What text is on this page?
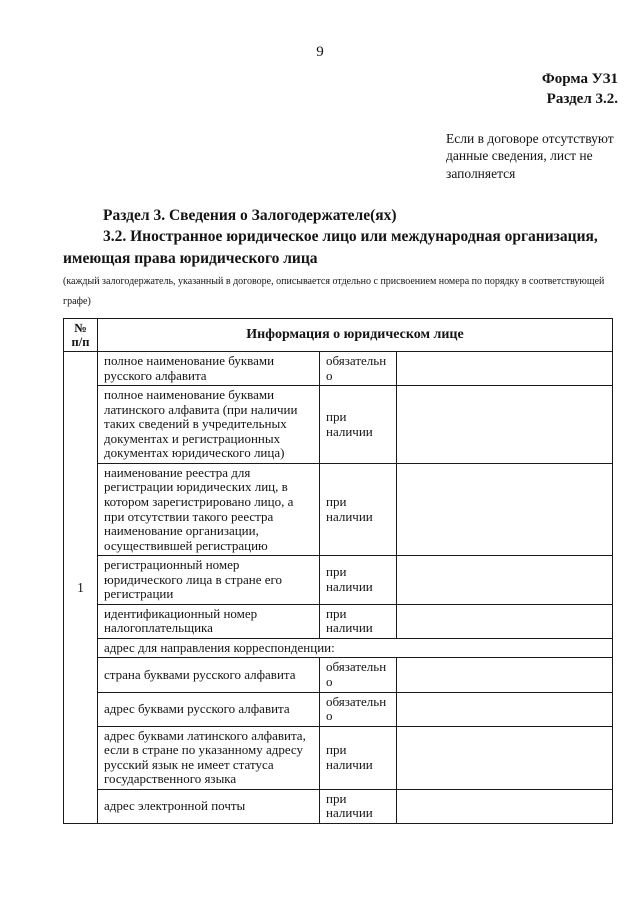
9
Форма УЗ1
Раздел 3.2.
Если в договоре отсутствуют данные сведения, лист не заполняется

Раздел 3. Сведения о Залогодержателе(ях)

3.2. Иностранное юридическое лицо или международная организация, имеющая права юридического лица

(каждый залогодержатель, указанный в договоре, описывается отдельно с присвоением номера по порядку в соответствующей графе)
№ п/п	Информация о юридическом лице		
1	полное наименование буквами русского алфавита	обязательно	
	полное наименование буквами латинского алфавита (при наличии таких сведений в учредительных документах и регистрационных документах юридического лица)	при наличии	
	наименование реестра для регистрации юридических лиц, в котором зарегистрировано лицо, а при отсутствии такого реестра наименование организации, осуществившей регистрацию	при наличии	
	регистрационный номер юридического лица в стране его регистрации	при наличии	
	идентификационный номер налогоплательщика	при наличии	
	адрес для направления корреспонденции:		
	страна буквами русского алфавита	обязательно	
	адрес буквами русского алфавита	обязательно	
	адрес буквами латинского алфавита, если в стране по указанному адресу русский язык не имеет статуса государственного языка	при наличии	
	адрес электронной почты	при наличии	
